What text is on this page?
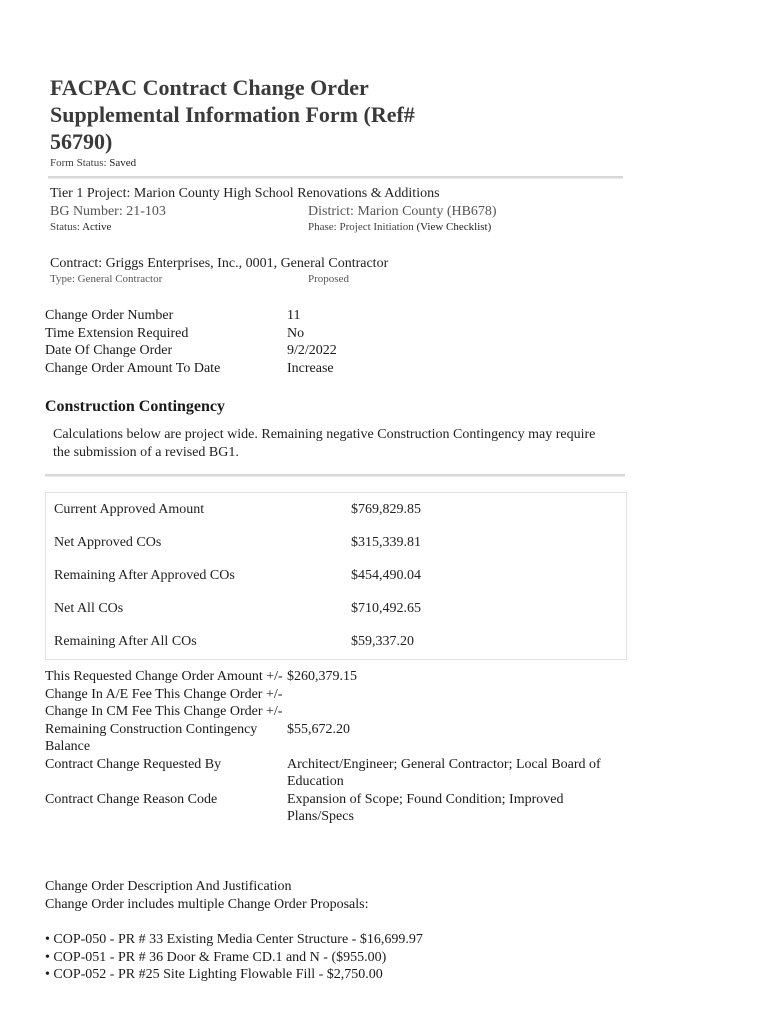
FACPAC Contract Change Order Supplemental Information Form (Ref# 56790)
Form Status: Saved
Tier 1 Project: Marion County High School Renovations & Additions
BG Number: 21-103	District: Marion County (HB678)
Status: Active	Phase: Project Initiation (View Checklist)
Contract: Griggs Enterprises, Inc., 0001, General Contractor
Type: General Contractor	Proposed
Change Order Number	11
Time Extension Required	No
Date Of Change Order	9/2/2022
Change Order Amount To Date	Increase
Construction Contingency
Calculations below are project wide. Remaining negative Construction Contingency may require the submission of a revised BG1.
Current Approved Amount	$769,829.85
Net Approved COs	$315,339.81
Remaining After Approved COs	$454,490.04
Net All COs	$710,492.65
Remaining After All COs	$59,337.20
This Requested Change Order Amount +/-	$260,379.15
Change In A/E Fee This Change Order +/-	
Change In CM Fee This Change Order +/-	
Remaining Construction Contingency Balance	$55,672.20
Contract Change Requested By	Architect/Engineer; General Contractor; Local Board of Education
Contract Change Reason Code	Expansion of Scope; Found Condition; Improved Plans/Specs
Change Order Description And Justification
Change Order includes multiple Change Order Proposals:
• COP-050 - PR # 33 Existing Media Center Structure - $16,699.97
• COP-051 - PR # 36 Door & Frame CD.1 and N - ($955.00)
• COP-052 - PR #25 Site Lighting Flowable Fill - $2,750.00
